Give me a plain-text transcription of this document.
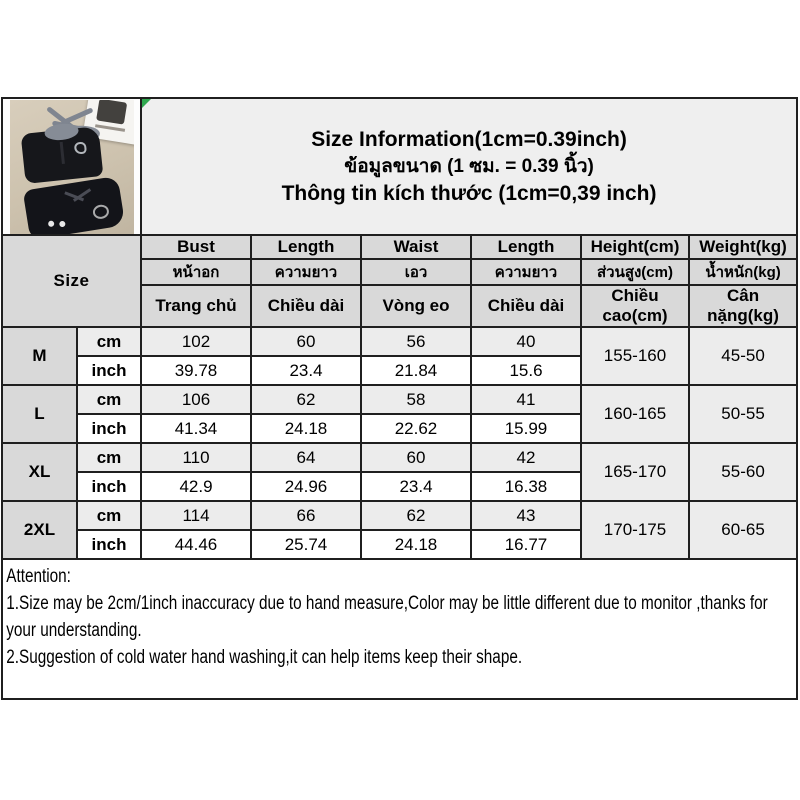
		Size Information(1cm=0.39inch)
ข้อมูลขนาด (1 ซม. = 0.39 นิ้ว)
Thông tin kích thước (1cm=0,39 inch)					

Size		Bust	Length	Waist	Length	Height(cm)	Weight(kg)
		หน้าอก	ความยาว	เอว	ความยาว	ส่วนสูง(cm)	น้ำหนัก(kg)
		Trang chủ	Chiều dài	Vòng eo	Chiều dài	Chiều cao(cm)	Cân nặng(kg)
M	cm	102	60	56	40	155-160	45-50
	inch	39.78	23.4	21.84	15.6		
L	cm	106	62	58	41	160-165	50-55
	inch	41.34	24.18	22.62	15.99		
XL	cm	110	64	60	42	165-170	55-60
	inch	42.9	24.96	23.4	16.38		
2XL	cm	114	66	62	43	170-175	60-65
	inch	44.46	25.74	24.18	16.77		

Attention:

1.Size may be 2cm/1inch inaccuracy due to hand measure,Color may be little different due to monitor ,thanks for your understanding.

2.Suggestion of cold water hand washing,it can help items keep their shape.							
